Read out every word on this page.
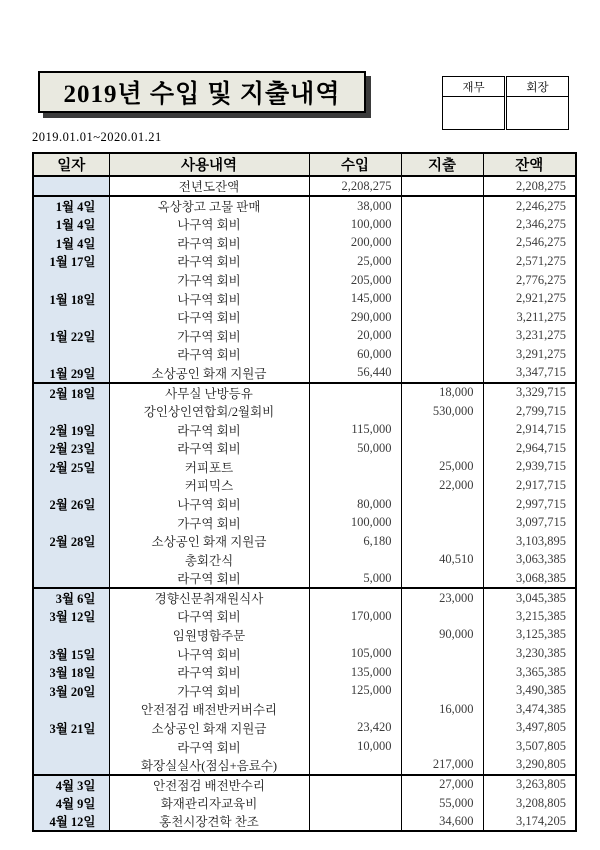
2019년 수입 및 지출내역	재무	회장

2019.01.01~2020.01.21
일자	사용내역	수입	지출	잔액
	전년도잔액	2,208,275		2,208,275
1월 4일	옥상창고 고물 판매	38,000		2,246,275
1월 4일	나구역 회비	100,000		2,346,275
1월 4일	라구역 회비	200,000		2,546,275
1월 17일	라구역 회비	25,000		2,571,275
	가구역 회비	205,000		2,776,275
1월 18일	나구역 회비	145,000		2,921,275
	다구역 회비	290,000		3,211,275
1월 22일	가구역 회비	20,000		3,231,275
	라구역 회비	60,000		3,291,275
1월 29일	소상공인 화재 지원금	56,440		3,347,715
2월 18일	사무실 난방등유		18,000	3,329,715
	강인상인연합회/2월회비		530,000	2,799,715
2월 19일	라구역 회비	115,000		2,914,715
2월 23일	라구역 회비	50,000		2,964,715
2월 25일	커피포트		25,000	2,939,715
	커피믹스		22,000	2,917,715
2월 26일	나구역 회비	80,000		2,997,715
	가구역 회비	100,000		3,097,715
2월 28일	소상공인 화재 지원금	6,180		3,103,895
	총회간식		40,510	3,063,385
	라구역 회비	5,000		3,068,385
3월 6일	경향신문취재원식사		23,000	3,045,385
3월 12일	다구역 회비	170,000		3,215,385
	임원명함주문		90,000	3,125,385
3월 15일	나구역 회비	105,000		3,230,385
3월 18일	라구역 회비	135,000		3,365,385
3월 20일	가구역 회비	125,000		3,490,385
	안전점검 배전반커버수리		16,000	3,474,385
3월 21일	소상공인 화재 지원금	23,420		3,497,805
	라구역 회비	10,000		3,507,805
	화장실실사(점심+음료수)		217,000	3,290,805
4월 3일	안전점검 배전반수리		27,000	3,263,805
4월 9일	화재관리자교육비		55,000	3,208,805
4월 12일	홍천시장견학 찬조		34,600	3,174,205
